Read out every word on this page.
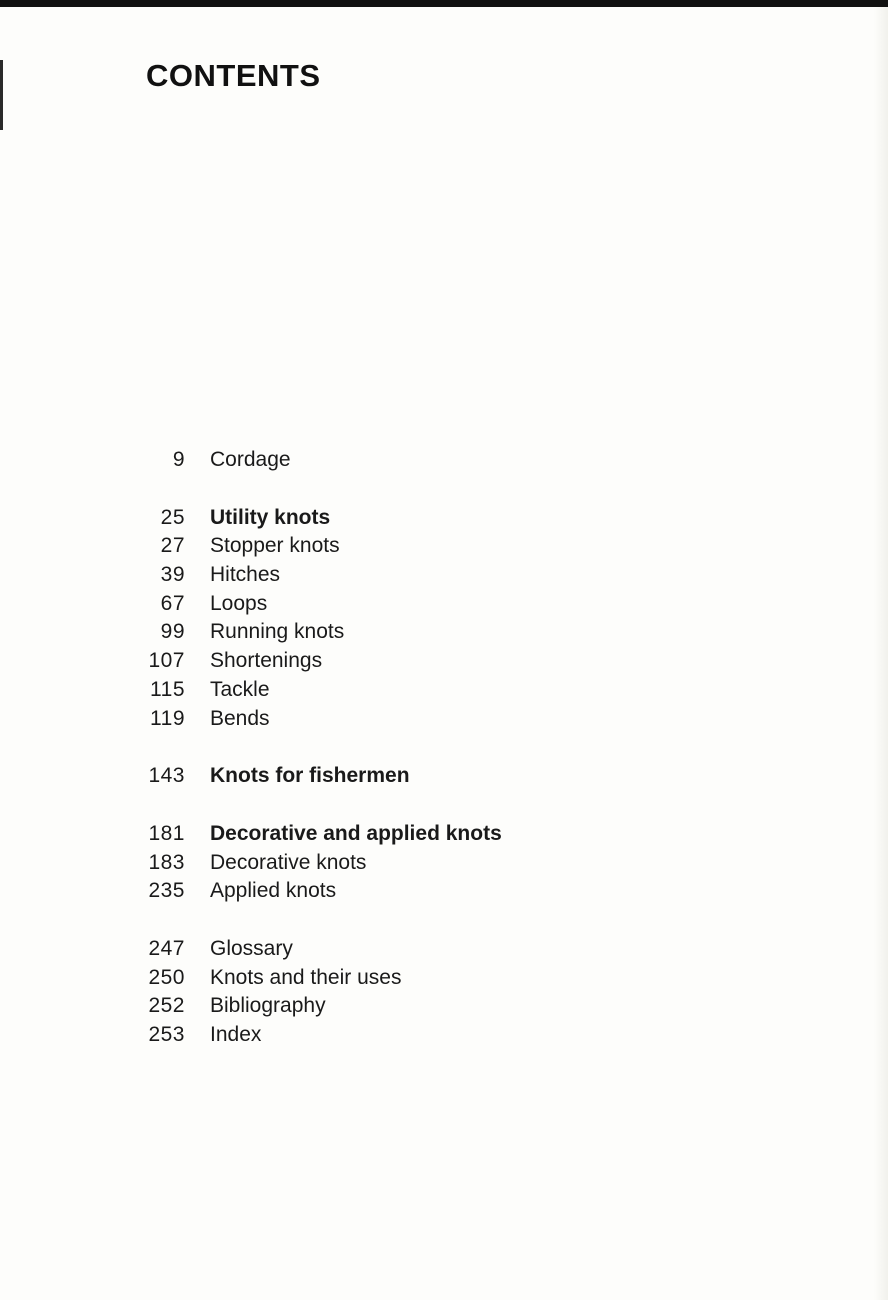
CONTENTS
9 Cordage
25 Utility knots
27 Stopper knots
39 Hitches
67 Loops
99 Running knots
107 Shortenings
115 Tackle
119 Bends
143 Knots for fishermen
181 Decorative and applied knots
183 Decorative knots
235 Applied knots
247 Glossary
250 Knots and their uses
252 Bibliography
253 Index
